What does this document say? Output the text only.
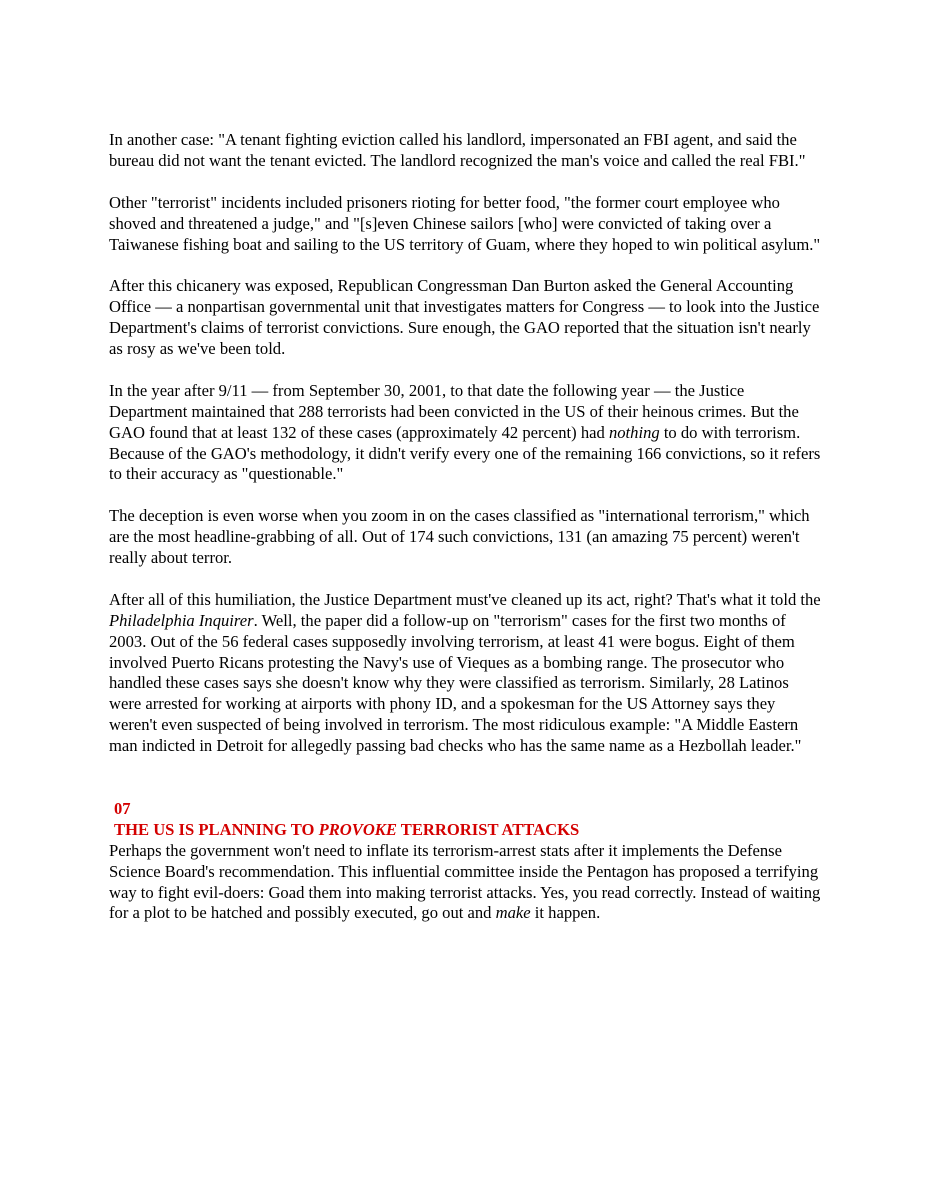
In another case: "A tenant fighting eviction called his landlord, impersonated an FBI agent, and said the bureau did not want the tenant evicted. The landlord recognized the man's voice and called the real FBI."

Other "terrorist" incidents included prisoners rioting for better food, "the former court employee who shoved and threatened a judge," and "[s]even Chinese sailors [who] were convicted of taking over a Taiwanese fishing boat and sailing to the US territory of Guam, where they hoped to win political asylum."

After this chicanery was exposed, Republican Congressman Dan Burton asked the General Accounting Office — a nonpartisan governmental unit that investigates matters for Congress — to look into the Justice Department's claims of terrorist convictions. Sure enough, the GAO reported that the situation isn't nearly as rosy as we've been told.

In the year after 9/11 — from September 30, 2001, to that date the following year — the Justice Department maintained that 288 terrorists had been convicted in the US of their heinous crimes. But the GAO found that at least 132 of these cases (approximately 42 percent) had nothing to do with terrorism. Because of the GAO's methodology, it didn't verify every one of the remaining 166 convictions, so it refers to their accuracy as "questionable."

The deception is even worse when you zoom in on the cases classified as "international terrorism," which are the most headline-grabbing of all. Out of 174 such convictions, 131 (an amazing 75 percent) weren't really about terror.

After all of this humiliation, the Justice Department must've cleaned up its act, right? That's what it told the Philadelphia Inquirer. Well, the paper did a follow-up on "terrorism" cases for the first two months of 2003. Out of the 56 federal cases supposedly involving terrorism, at least 41 were bogus. Eight of them involved Puerto Ricans protesting the Navy's use of Vieques as a bombing range. The prosecutor who handled these cases says she doesn't know why they were classified as terrorism. Similarly, 28 Latinos were arrested for working at airports with phony ID, and a spokesman for the US Attorney says they weren't even suspected of being involved in terrorism. The most ridiculous example: "A Middle Eastern man indicted in Detroit for allegedly passing bad checks who has the same name as a Hezbollah leader."

07
THE US IS PLANNING TO PROVOKE TERRORIST ATTACKS

Perhaps the government won't need to inflate its terrorism-arrest stats after it implements the Defense Science Board's recommendation. This influential committee inside the Pentagon has proposed a terrifying way to fight evil-doers: Goad them into making terrorist attacks. Yes, you read correctly. Instead of waiting for a plot to be hatched and possibly executed, go out and make it happen.
